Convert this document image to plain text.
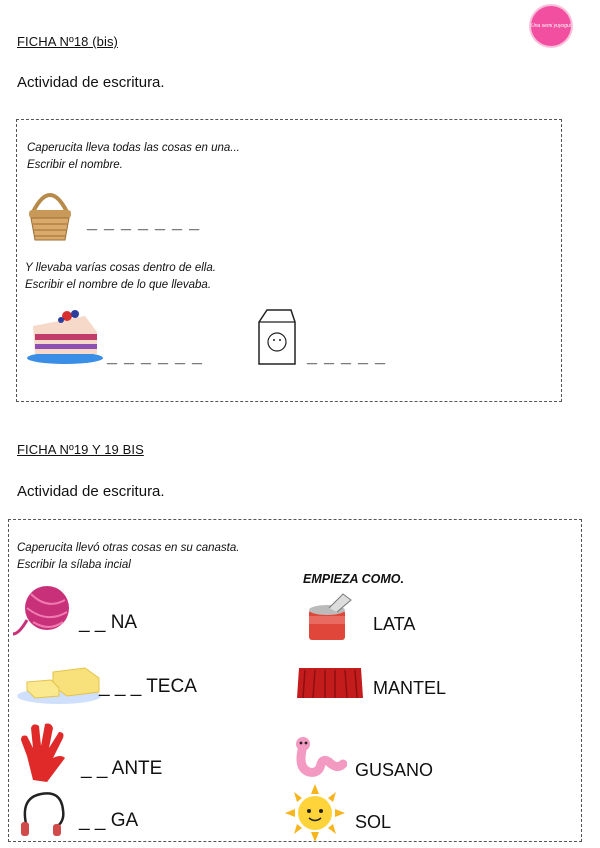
Una semi yuyogui
FICHA Nº18 (bis)
Actividad de escritura.
Caperucita lleva todas las cosas en una...
Escribir el nombre.
_ _ _ _ _ _ _
Y llevaba varías cosas dentro de ella.
Escribir el nombre de lo que llevaba.
_ _ _ _ _ _	_ _ _ _ _
FICHA Nº19 Y 19 BIS
Actividad de escritura.
Caperucita llevó otras cosas en su canasta.
Escribir la sílaba incial
EMPIEZA COMO.
_ _ NA	LATA
_ _ _ TECA	MANTEL
_ _ ANTE	GUSANO
_ _ GA	SOL
